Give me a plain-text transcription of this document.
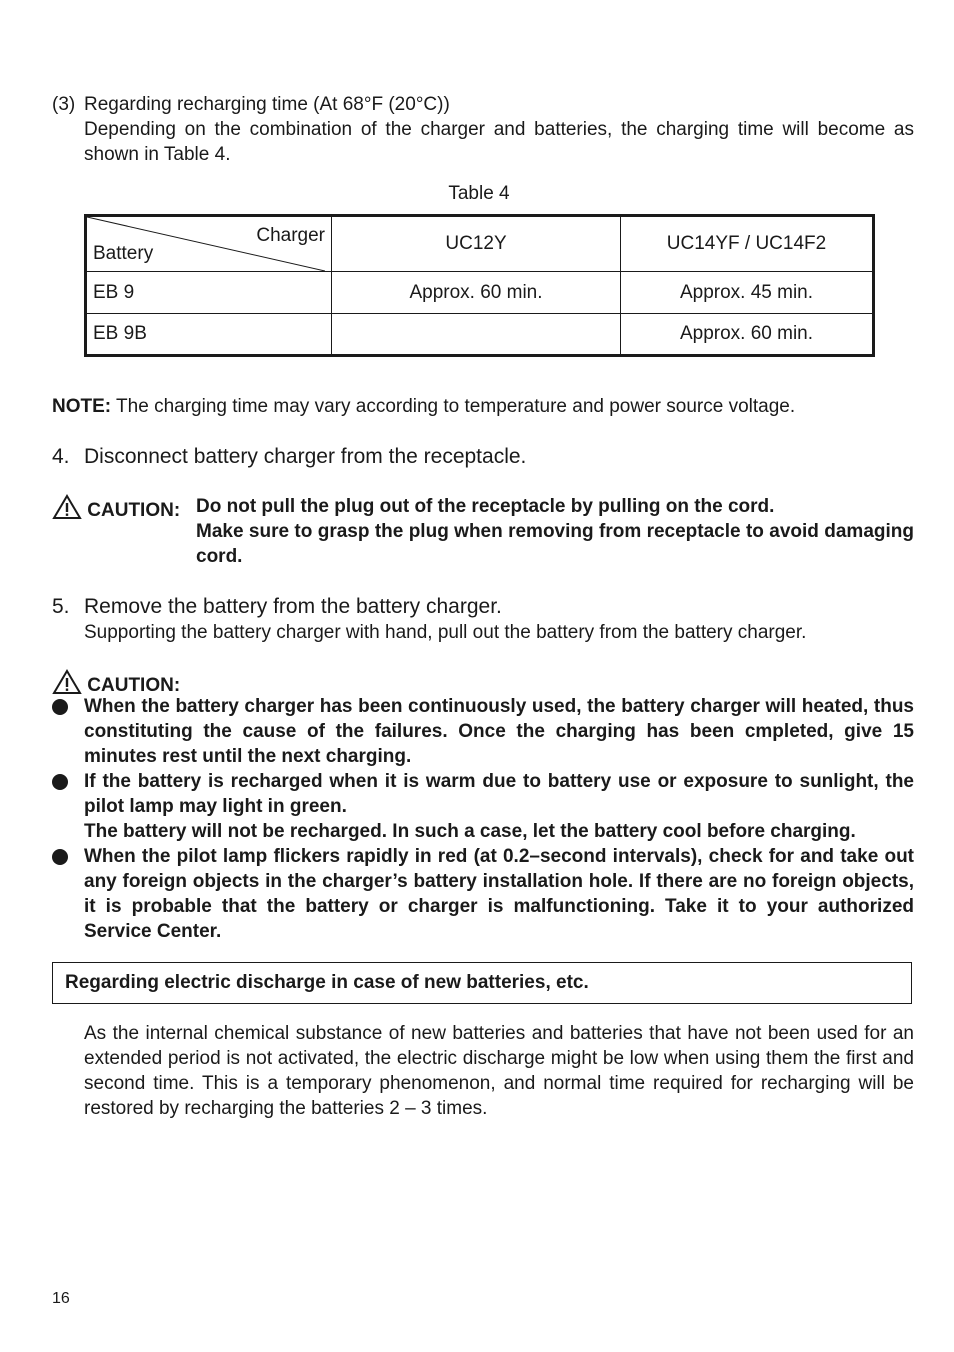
(3) Regarding recharging time (At 68°F (20°C))
Depending on the combination of the charger and batteries, the charging time will become as shown in Table 4.
Table 4
Charger
Battery	UC12Y	UC14YF / UC14F2
EB 9	Approx. 60 min.	Approx. 45 min.
EB 9B		Approx. 60 min.
NOTE: The charging time may vary according to temperature and power source voltage.
4. Disconnect battery charger from the receptacle.
CAUTION: Do not pull the plug out of the receptacle by pulling on the cord.
Make sure to grasp the plug when removing from receptacle to avoid damaging cord.
5. Remove the battery from the battery charger.
Supporting the battery charger with hand, pull out the battery from the battery charger.
CAUTION:
When the battery charger has been continuously used, the battery charger will heated, thus constituting the cause of the failures. Once the charging has been cmpleted, give 15 minutes rest until the next charging.
If the battery is recharged when it is warm due to battery use or exposure to sunlight, the pilot lamp may light in green.
The battery will not be recharged. In such a case, let the battery cool before charging.
When the pilot lamp flickers rapidly in red (at 0.2–second intervals), check for and take out any foreign objects in the charger’s battery installation hole. If there are no foreign objects, it is probable that the battery or charger is malfunctioning. Take it to your authorized Service Center.
Regarding electric discharge in case of new batteries, etc.
As the internal chemical substance of new batteries and batteries that have not been used for an extended period is not activated, the electric discharge might be low when using them the first and second time. This is a temporary phenomenon, and normal time required for recharging will be restored by recharging the batteries 2 – 3 times.
16
